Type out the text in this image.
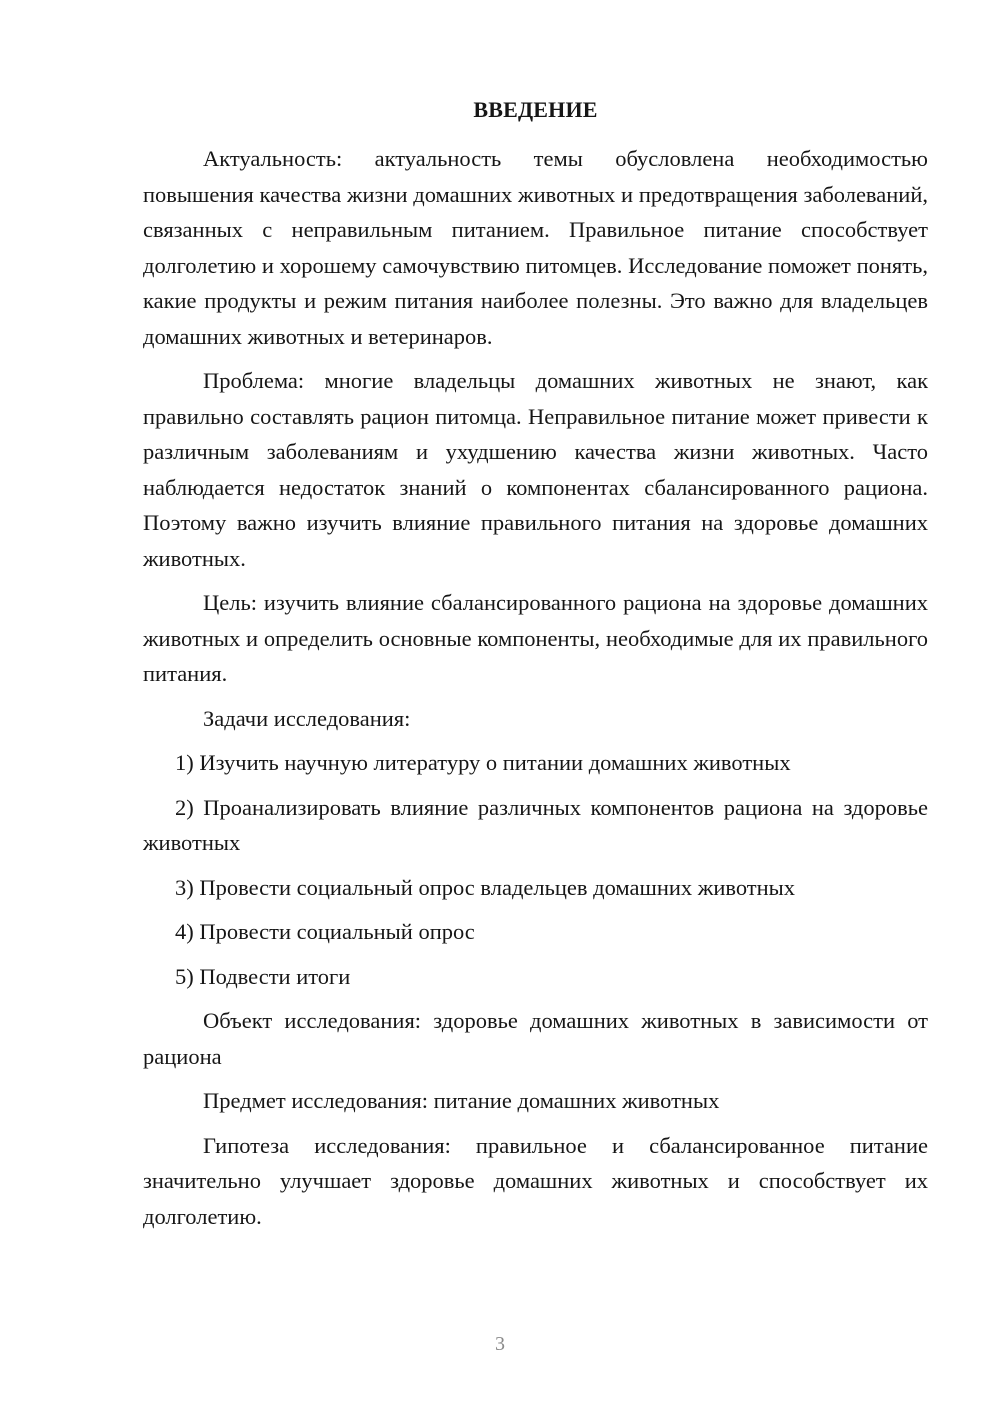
ВВЕДЕНИЕ

Актуальность: актуальность темы обусловлена необходимостью повышения качества жизни домашних животных и предотвращения заболеваний, связанных с неправильным питанием. Правильное питание способствует долголетию и хорошему самочувствию питомцев. Исследование поможет понять, какие продукты и режим питания наиболее полезны. Это важно для владельцев домашних животных и ветеринаров.

Проблема: многие владельцы домашних животных не знают, как правильно составлять рацион питомца. Неправильное питание может привести к различным заболеваниям и ухудшению качества жизни животных. Часто наблюдается недостаток знаний о компонентах сбалансированного рациона. Поэтому важно изучить влияние правильного питания на здоровье домашних животных.

Цель: изучить влияние сбалансированного рациона на здоровье домашних животных и определить основные компоненты, необходимые для их правильного питания.

Задачи исследования:

1) Изучить научную литературу о питании домашних животных

2) Проанализировать влияние различных компонентов рациона на здоровье животных

3) Провести социальный опрос владельцев домашних животных

4) Провести социальный опрос

5) Подвести итоги

Объект исследования: здоровье домашних животных в зависимости от рациона

Предмет исследования: питание домашних животных

Гипотеза исследования: правильное и сбалансированное питание значительно улучшает здоровье домашних животных и способствует их долголетию.

3
